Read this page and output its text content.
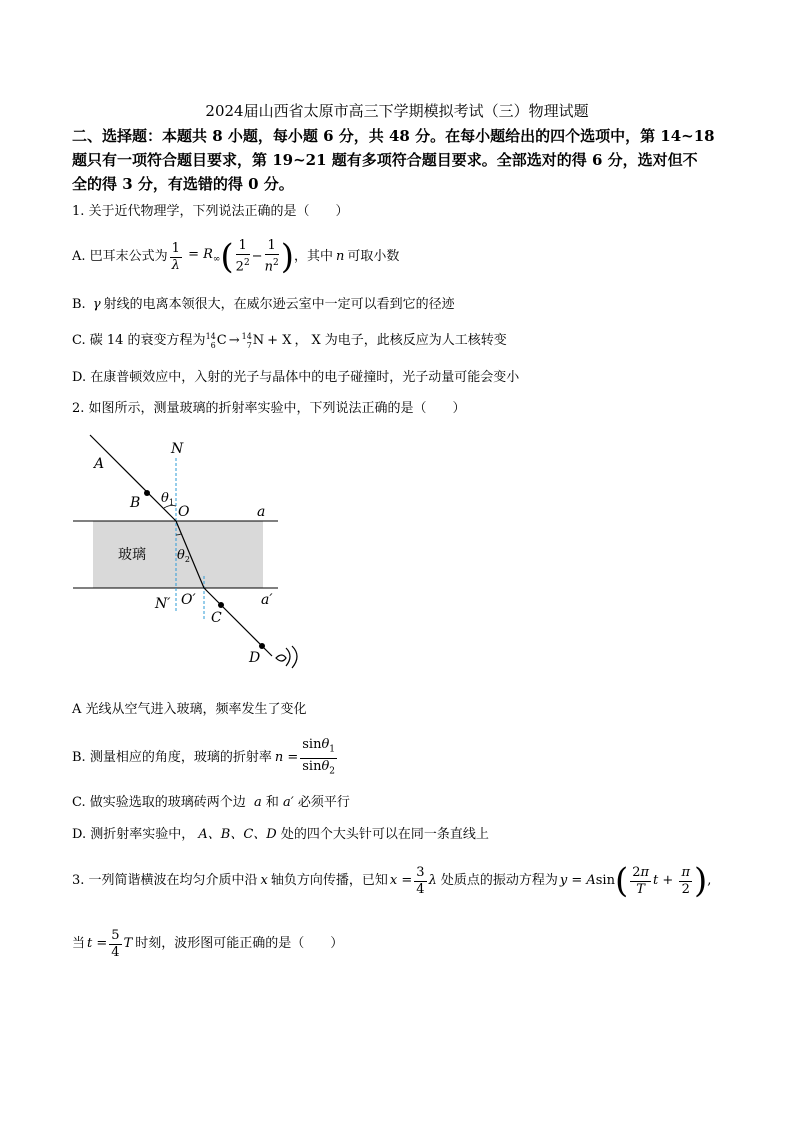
2024届山西省太原市高三下学期模拟考试（三）物理试题
二、选择题：本题共 8 小题，每小题 6 分，共 48 分。在每小题给出的四个选项中，第 14~18
题只有一项符合题目要求，第 19~21 题有多项符合题目要求。全部选对的得 6 分，选对但不
全的得 3 分，有选错的得 0 分。
1. 关于近代物理学，下列说法正确的是（　　）
A. 巴耳末公式为 $\frac{1}{\lambda} = R_\infty$ ( $\frac{1}{2^2} - \frac{1}{n^2}$ ) ，其中 n 可取小数
B. γ 射线的电离本领很大，在威尔逊云室中一定可以看到它的径迹
C. 碳 14 的衰变方程为 14
6 C → 14
7 N + X ， X 为电子，此核反应为人工核转变
D. 在康普顿效应中，入射的光子与晶体中的电子碰撞时，光子动量可能会变小
2. 如图所示，测量玻璃的折射率实验中，下列说法正确的是（　　）
A
N
B $\theta_1$
O	a
玻璃 $\theta_2$
N′ O′	a′
C
D
A 光线从空气进入玻璃，频率发生了变化
B. 测量相应的角度，玻璃的折射率 $n = \frac{\sin\theta_1}{\sin\theta_2}$
C. 做实验选取的玻璃砖两个边  a 和 a′ 必须平行
D. 测折射率实验中， A、B、C、D 处的四个大头针可以在同一条直线上
3. 一列简谐横波在均匀介质中沿 x 轴负方向传播，已知 $x = \frac{3}{4}$ λ 处质点的振动方程为 y = A sin ( $\frac{2\pi}{T}$ $t + \frac{\pi}{2}$ ) ,
当 $t = \frac{5}{4}$ T 时刻，波形图可能正确的是（　　）
